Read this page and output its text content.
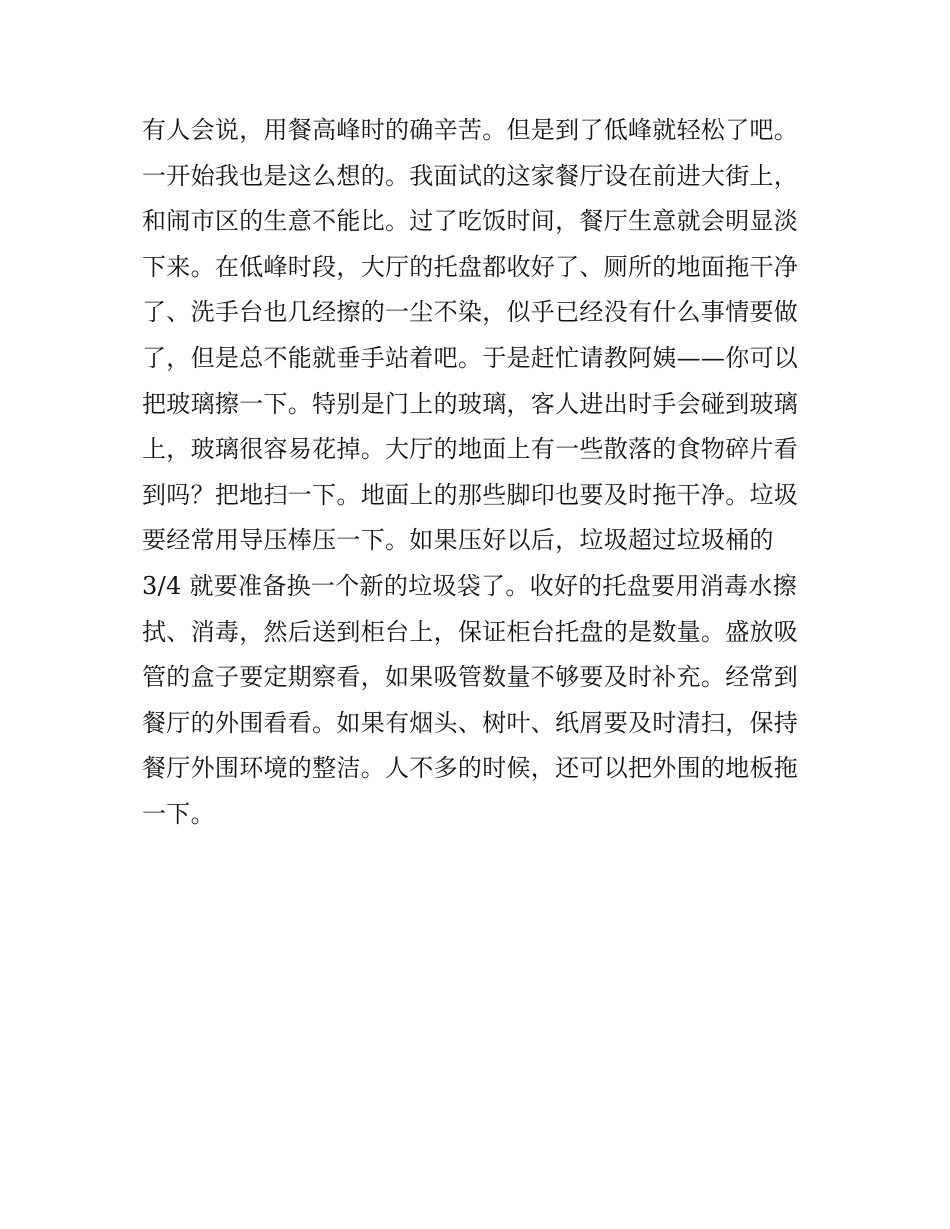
有人会说，用餐高峰时的确辛苦。但是到了低峰就轻松了吧。
一开始我也是这么想的。我面试的这家餐厅设在前进大街上，
和闹市区的生意不能比。过了吃饭时间，餐厅生意就会明显淡
下来。在低峰时段，大厅的托盘都收好了、厕所的地面拖干净
了、洗手台也几经擦的一尘不染，似乎已经没有什么事情要做
了，但是总不能就垂手站着吧。于是赶忙请教阿姨——你可以
把玻璃擦一下。特别是门上的玻璃，客人进出时手会碰到玻璃
上，玻璃很容易花掉。大厅的地面上有一些散落的食物碎片看
到吗？把地扫一下。地面上的那些脚印也要及时拖干净。垃圾
要经常用导压棒压一下。如果压好以后，垃圾超过垃圾桶的
3/4 就要准备换一个新的垃圾袋了。收好的托盘要用消毒水擦
拭、消毒，然后送到柜台上，保证柜台托盘的是数量。盛放吸
管的盒子要定期察看，如果吸管数量不够要及时补充。经常到
餐厅的外围看看。如果有烟头、树叶、纸屑要及时清扫，保持
餐厅外围环境的整洁。人不多的时候，还可以把外围的地板拖
一下。
